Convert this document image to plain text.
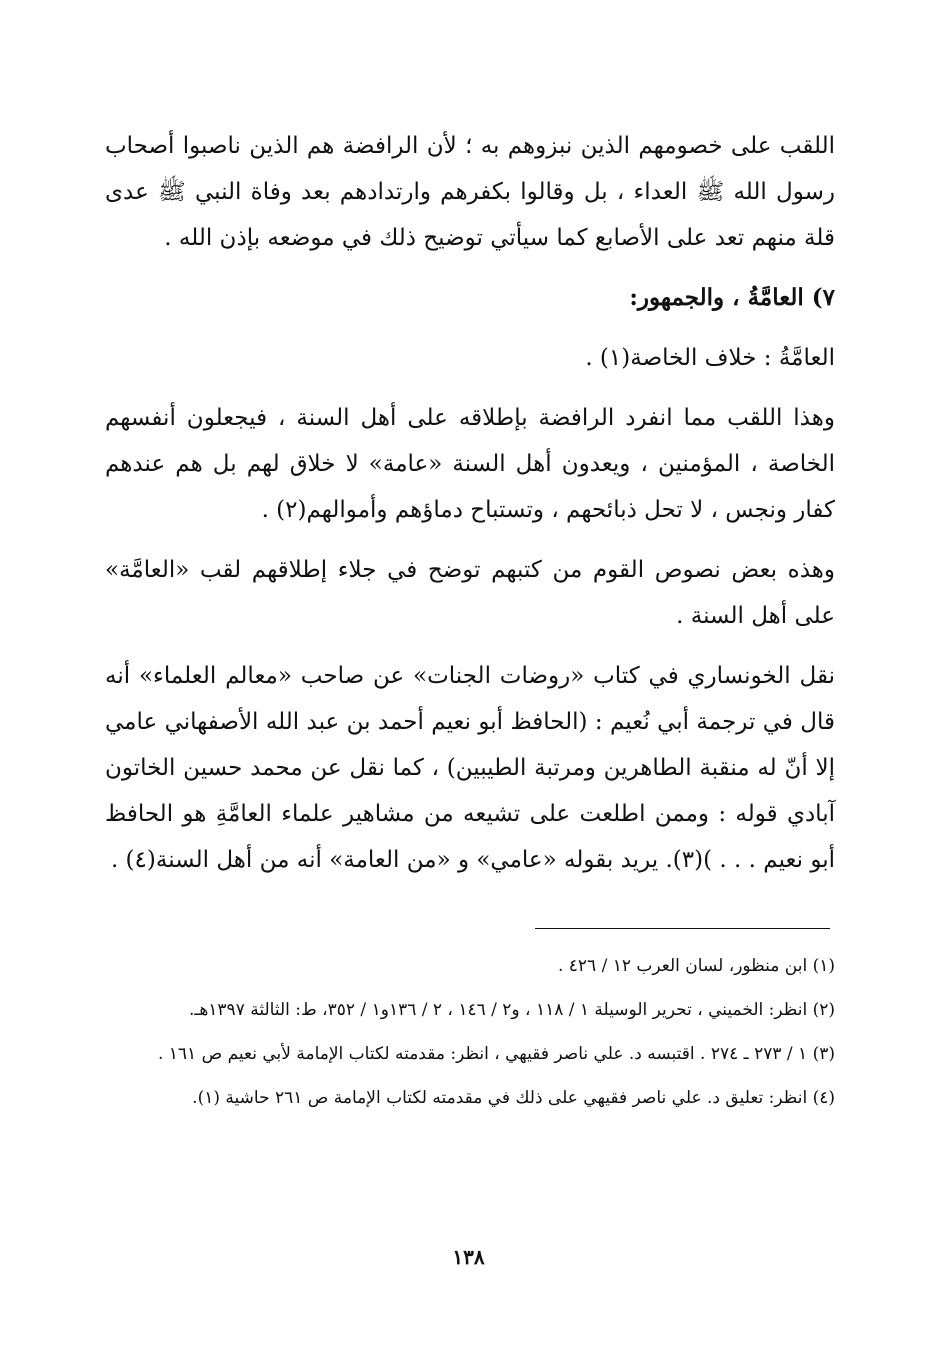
اللقب على خصومهم الذين نبزوهم به ؛ لأن الرافضة هم الذين ناصبوا أصحاب رسول الله ﷺ العداء ، بل وقالوا بكفرهم وارتدادهم بعد وفاة النبي ﷺ عدى قلة منهم تعد على الأصابع كما سيأتي توضيح ذلك في موضعه بإذن الله .

٧) العامَّةُ ، والجمهور:

العامَّةُ : خلاف الخاصة(١) .

وهذا اللقب مما انفرد الرافضة بإطلاقه على أهل السنة ، فيجعلون أنفسهم الخاصة ، المؤمنين ، ويعدون أهل السنة «عامة» لا خلاق لهم بل هم عندهم كفار ونجس ، لا تحل ذبائحهم ، وتستباح دماؤهم وأموالهم(٢) .

وهذه بعض نصوص القوم من كتبهم توضح في جلاء إطلاقهم لقب «العامَّة» على أهل السنة .

نقل الخونساري في كتاب «روضات الجنات» عن صاحب «معالم العلماء» أنه قال في ترجمة أبي نُعيم : (الحافظ أبو نعيم أحمد بن عبد الله الأصفهاني عامي إلا أنّ له منقبة الطاهرين ومرتبة الطيبين) ، كما نقل عن محمد حسين الخاتون آبادي قوله : وممن اطلعت على تشيعه من مشاهير علماء العامَّةِ هو الحافظ أبو نعيم . . . )(٣). يريد بقوله «عامي» و «من العامة» أنه من أهل السنة(٤) .

(١) ابن منظور، لسان العرب ١٢ / ٤٢٦ .

(٢) انظر: الخميني ، تحرير الوسيلة ١ / ١١٨ ، و٢ / ١٤٦ ، ٢ / ١٣٦و١ / ٣٥٢، ط: الثالثة ١٣٩٧هـ.

(٣) ١ / ٢٧٣ ـ ٢٧٤ . اقتبسه د. علي ناصر فقيهي ، انظر: مقدمته لكتاب الإمامة لأبي نعيم ص ١٦١ .

(٤) انظر: تعليق د. علي ناصر فقيهي على ذلك في مقدمته لكتاب الإمامة ص ٢٦١ حاشية (١).

١٣٨
